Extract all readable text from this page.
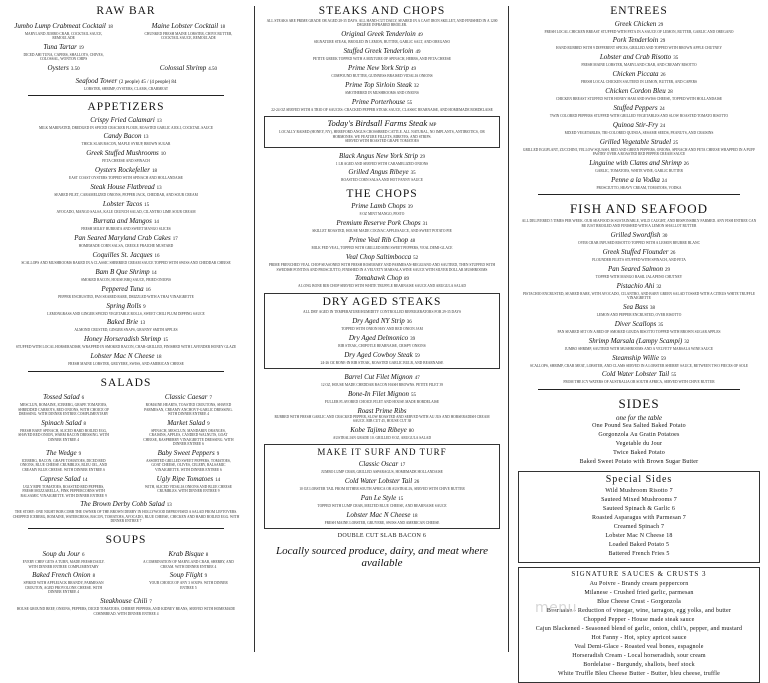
RAW BAR
Jumbo Lump Crabmeat Cocktail 18
MARYLAND JUMBO CRAB, COCKTAIL SAUCE, REMOULADE
Maine Lobster Cocktail 18
CHUNKED FRESH MAINE LOBSTER, CHIVE BUTTER, COCKTAIL SAUCE, REMOULADE
Tuna Tartar 19
DICED AHI TUNA, CAPERS, SHALLOTS, CHIVES, COLOSSAL, WONTON CHIPS
Oysters 3.50	Colossal Shrimp 4.50
Seafood Tower (2 people) 45 / (4 people) 84
LOBSTER, SHRIMP, OYSTERS, CLAMS, CRABMEAT
APPETIZERS
Crispy Fried Calamari 13
MILK MARINATED, DREDGED IN SPICED CRACKER FLOUR, ROASTED GARLIC AIOLI, COCKTAIL SAUCE
Candy Bacon 13
THICK SLAB BACON, MAPLE SYRUP, BROWN SUGAR
Greek Stuffed Mushrooms 10
FETA CHEESE AND SPINACH
Oysters Rockefeller 18
EAST COAST OYSTERS TOPPED WITH SPINACH AND HOLLANDAISE
Steak House Flatbread 13
SEARED FILET, CARAMELIZED ONIONS, PEPPER JACK, CHEDDAR, AND SOUR CREAM
Lobster Tacos 15
AVOCADO, MANGO SALSA, KALE CRUNCH SALAD, CILANTRO LIME SOUR CREAM
Burrata and Mangos 14
FRESH MILKY BURRATA AND SWEET MANGO SLICES
Pan Seared Maryland Crab Cakes 17
HOMEMADE CORN SALSA, CREOLE FRAICHE MUSTARD
Coquilles St. Jacques 16
SCALLOPS AND MUSHROOMS BAKED IN A CLASSIC SHERRIED CREAM SAUCE TOPPED WITH SWISS AND CHEDDAR CHEESE
Bam B Que Shrimp 14
SMOKED BACON, HOUSE BBQ SAUCE, FRIED ONIONS
Peppered Tuna 16
PEPPER ENCRUSTED, PAN SEARED RARE, DRIZZLED WITH A THAI VINAIGRETTE
Spring Rolls 9
LEMONGRASS AND GINGER SPICED VEGETABLE ROLLS, SWEET CHILI PLUM DIPPING SAUCE
Baked Brie 13
ALMOND CRUSTED, GINGER SNAPS, GRANNY SMITH APPLES
Honey Horseradish Shrimp 15
STUFFED WITH LOCAL HORSERADISH, WRAPPED IN SMOKED BACON, CHAR-GRILLED, FINISHED WITH LAVENDER HONEY GLAZE
Lobster Mac N Cheese 18
FRESH MAINE LOBSTER, GRUYERE, SWISS, AND AMERICAN CHEESE
SALADS
Tossed Salad 6
MESCLUN, ROMAINE, ICEBERG, GRAPE TOMATOES, SHREDDED CARROTS, RED ONIONS, WITH CHOICE OF DRESSING. WITH DINNER ENTREE COMPLIMENTARY
Classic Caesar 7
ROMAINE HEARTS, TOASTED CROUTONS, SHAVED PARMESAN, CREAMY ANCHOVY-GARLIC DRESSING. WITH DINNER ENTREE 4
Spinach Salad 8
FRESH BABY SPINACH, SLICED HARD BOILED EGG, SHAVED RED ONION, WARM BACON DRESSING. WITH DINNER ENTREE 4
Market Salad 9
SPINACH, MESCLUN, MANDARIN ORANGES, CRAISINS, APPLES, CANDIED WALNUTS, GOAT CHEESE, RASPBERRY VINAIGRETTE DRESSING. WITH DINNER ENTREE 6
The Wedge 9
ICEBERG, BACON, GRAPE TOMATOES, DICED RED ONIONS, BLUE CHEESE CRUMBLES, BLEU OIL, AND CREAMY BLUE CHEESE. WITH DINNER ENTREE 6
Baby Sweet Peppers 9
ASSORTED GRILLED SWEET PEPPERS, TOMATOES, GOAT CHEESE, OLIVES, CELERY, BALSAMIC VINAIGRETTE. WITH DINNER ENTREE 6
Caprese Salad 14
UGLY RIPE TOMATOES, ROASTED RED PEPPERS, FRESH MOZZARELLA, PINK PEPPERCORNS WITH BALSAMIC VINAIGRETTE. WITH DINNER ENTREE 9
Ugly Ripe Tomatoes 14
WITH, SLICED VIDALIA ONIONS AND BLUE CHEESE CRUMBLES. WITH DINNER ENTREE 9
The Brown Derby Cobb Salad 13
THE STORY: ONE NIGHT BOB COBB THE OWNER OF THE BROWN DERBY IN HOLLYWOOD IMPROVISED A SALAD FROM LEFTOVERS. CHOPPED ICEBERG, ROMAINE, WATERCRESS, BACON, TOMATOES, AVOCADO, BLUE CHEESE, CHICKEN AND HARD BOILED EGG. WITH DINNER ENTREE 7
SOUPS
Soup du Jour 6
EVERY CHEF GETS A TURN, MADE FRESH DAILY. WITH DINNER ENTREE COMPLIMENTARY
Krab Bisque 8
A COMBINATION OF MARYLAND CRAB, SHERRY, AND CREAM. WITH DINNER ENTREE 4
Baked French Onion 8
SPIKED WITH APPLEJACK BRANDY, PARMESAN CROUTON, AGED PROVOLONE CHEESE. WITH DINNER ENTREE 4
Soup Flight 9
YOUR CHOICE OF ANY 3 SOUPS. WITH DINNER ENTREE 5
Steakhouse Chili 7
HOUSE GROUND BEEF, ONIONS, PEPPERS, DICED TOMATOES, CHERRY PEPPERS, AND KIDNEY BEANS, SERVED WITH HOMEMADE CORNBREAD. WITH DINNER ENTREE 4
STEAKS AND CHOPS
ALL STEAKS ARE PRIME GRADE OR AGED 28-35 DAYS. ALL HAND-CUT DAILY, SEARED IN A CAST IRON SKILLET, AND FINISHED IN A 1200 DEGREE INFRARED BROILER.
Original Greek Tenderloin 49
SIGNATURE STEAK, BROILED IN LEMON, BUTTER, GARLIC SALT, AND OREGANO
Stuffed Greek Tenderloin 49
PETITE GREEK TOPPED WITH A MIXTURE OF SPINACH, HERBS, AND FETA CHEESE
Prime New York Strip 49
COMPOUND BUTTER, GUINNESS BRAISED VIDALIA ONIONS
Prime Top Sirloin Steak 32
SMOTHERED IN MUSHROOMS AND ONIONS
Prime Porterhouse 55
22-24 OZ SERVED WITH A TRIO OF SAUCES: CRACKED PEPPER STEAK SAUCE, CLASSIC BEARNAISE, AND HOMEMADE BORDELAISE
Today's Birdsall Farms Steak MP
LOCALLY RAISED (HONEY, NY), HEREFORD ANGUS CROSSBRED CATTLE. ALL NATURAL, NO IMPLANTS, ANTIBIOTICS, OR HORMONES. WE FEATURE FILLETS, RIBEYES, AND STRIPS.
SERVED WITH ROASTED GRAPE TOMATOES
Black Angus New York Strip 29
1 LB AGED AND SERVED WITH CARAMELIZED ONIONS
Grilled Angus Ribeye 35
ROASTED CORN SALSA AND HOT FANNY SAUCE
THE CHOPS
Prime Lamb Chops 39
8 OZ MINT MANGO, PESTO
Premium Reserve Pork Chops 31
SKILLET ROASTED, HOUSE MADE COGNAC APPLESAUCE, AND SWEET POTATO PIE
Prime Veal Rib Chop 48
MILK FED VEAL, TOPPED WITH GRILLED MINI SWEET PEPPERS, VEAL DEMI-GLACE
Veal Chop Saltimbocca 52
PRIME FRENCHED VEAL CHOP SEASONED WITH FRESH ROSEMARY AND PARMESAN-REGGIANO AND SAUTEED, THEN STUFFED WITH SWEDISH FONTINA AND PROSCIUTTO, FINISHED IN A VELVETY MARSALA WINE SAUCE WITH SILVER DOLLAR MUSHROOMS
Tomahawk Chop 89
A LONG BONE RIB CHOP SERVED WITH WHITE TRUFFLE BEARNAISE SAUCE AND ARUGULA SALAD
DRY AGED STEAKS
ALL DRY AGED IN TEMPERATURE/HUMIDITY CONTROLLED REFRIGERATORS FOR 29-35 DAYS
Dry Aged NY Strip 36
TOPPED WITH ONION HAY AND RED ONION JAM
Dry Aged Delmonico 39
RIB STEAK, CHIPOTLE BEARNAISE, CRISPY ONIONS
Dry Aged Cowboy Steak 59
24-26 OZ BONE-IN RIB STEAK, ROASTED GARLIC BULB, AND BEARNAISE
Barrel Cut Filet Mignon 47
12 OZ, HOUSE MADE CHEDDAR BACON HASH BROWNS. PETITE FILET 39
Bone-In Filet Mignon 55
FULLER FLAVORED CHOICE FILET AND HOUSE MADE BORDELAISE
Roast Prime Ribs
RUBBED WITH FRESH GARLIC AND CRACKED PEPPER, SLOW ROASTED AND SERVED WITH AU JUS AND HORSERADISH CREAM SAUCE. RIB CUT 45, HOUSE CUT 38
Kobe Tajima Ribeye 80
AUSTRALIAN GRADE 10. GRILLED 8 OZ, ARUGULA SALAD
MAKE IT SURF AND TURF
Classic Oscar 17
JUMBO LUMP CRAB, GRILLED ASPARAGUS, HOMEMADE HOLLANDAISE
Cold Water Lobster Tail 26
10 OZ LOBSTER TAIL FROM EITHER SOUTH AFRICA OR AUSTRALIA, SERVED WITH CHIVE BUTTER
Pan Le Style 15
TOPPED WITH LUMP CRAB, MELTED BLUE CHEESE, AND BEARNAISE SAUCE
Lobster Mac N Cheese 18
FRESH MAINE LOBSTER, GRUYERE, SWISS AND AMERICAN CHEESE
DOUBLE CUT SLAB BACON 6
Locally sourced produce, dairy, and meat where available
ENTREES
Greek Chicken 29
FRESH LOCAL CHICKEN BREAST STUFFED WITH FETA IN A SAUCE OF LEMON, BUTTER, GARLIC AND OREGANO
Pork Tenderloin 29
HAND RUBBED WITH 9 DIFFERENT SPICES, GRILLED AND TOPPED WITH BROWN APPLE CHUTNEY
Lobster and Crab Risotto 35
FRESH MAINE LOBSTER, MARYLAND CRAB, AND CREAMY RISOTTO
Chicken Piccata 26
FRESH LOCAL CHICKEN SAUTEED IN LEMON, BUTTER, AND CAPERS
Chicken Cordon Bleu 28
CHICKEN BREAST STUFFED WITH HONEY HAM AND SWISS CHEESE, TOPPED WITH HOLLANDAISE
Stuffed Peppers 24
TWIN COLORED PEPPERS STUFFED WITH GRILLED VEGETABLES AND SLOW ROASTED TOMATO RISOTTO
Quinoa Stir-Fry 24
MIXED VEGETABLES, TRI-COLORED QUINOA, SESAME SEEDS, PEANUTS, AND CRAISINS
Grilled Vegetable Strudel 25
GRILLED EGGPLANT, ZUCCHINI, YELLOW SQUASH, RED AND GREEN PEPPERS, ONIONS, SPINACH AND FETA CHEESE WRAPPED IN A PUFF PASTRY OVER A ROASTED RED PEPPER CREAM SAUCE
Linguine with Clams and Shrimp 26
GARLIC, TOMATOES, WHITE WINE, GARLIC BUTTER
Penne a la Vodka 24
PROSCIUTTO, HEAVY CREAM, TOMATOES, VODKA
FISH AND SEAFOOD
ALL DELIVERED 5 TIMES PER WEEK. OUR SEAFOOD IS SUSTAINABLE, WILD CAUGHT, AND RESPONSIBLY FARMED. ANY FISH ENTREE CAN BE JUST BROILED AND FINISHED WITH A LEMON SHALLOT BUTTER
Grilled Swordfish 30
OVER CRAB INFUSED RISOTTO TOPPED WITH A LEMON BEURRE BLANC
Greek Stuffed Flounder 26
FLOUNDER FILETS STUFFED WITH SPINACH, AND FETA
Pan Seared Salmon 29
TOPPED WITH MANGO BASIL JALAPENO CHUTNEY
Pistachio Ahi 32
PISTACHIO ENCRUSTED, SEARED RARE, WITH AVOCADO, CILANTRO, AND BABY GREEN SALAD TOSSED WITH A CITRUS WHITE TRUFFLE VINAIGRETTE
Sea Bass 38
LEMON AND PEPPER ENCRUSTED, OVER RISOTTO
Diver Scallops 35
PAN SEARED SET ON A BED OF SMOKED GOUDA RISOTTO TOPPED WITH BROWN SUGAR APPLES
Shrimp Marsala (Lampy Scampi) 32
JUMBO SHRIMP, SAUTEED WITH MUSHROOMS AND A VELVETY MARSALA WINE SAUCE
Steamship Willie 59
SCALLOPS, SHRIMP, CRAB MEAT, LOBSTER, AND CLAMS SERVED IN A LOBSTER SHERRY SAUCE, BETWEEN TWO PIECES OF SOLE
Cold Water Lobster Tail 55
FROM THE ICY WATERS OF AUSTRALIA OR SOUTH AFRICA, SERVED WITH CHIVE BUTTER
SIDES
one for the table
One Pound Sea Salted Baked Potato
Gorgonzola Au Gratin Potatoes
Vegetable du Jour
Twice Baked Potato
Baked Sweet Potato with Brown Sugar Butter
Special Sides
Wild Mushroom Risotto 7
Sauteed Mixed Mushrooms 7
Sauteed Spinach & Garlic 6
Roasted Asparagus with Parmesan 7
Creamed Spinach 7
Lobster Mac N Cheese 18
Loaded Baked Potato 5
Battered French Fries 5
SIGNATURE SAUCES & CRUSTS 3
Au Poivre - Brandy cream peppercorn
Milanese - Crushed fried garlic, parmesan
Blue Cheese Crust - Gorgonzola
Bearnaise - Reduction of vinegar, wine, tarragon, egg yolks, and butter
Chopped Pepper - House made steak sauce
Cajun Blackened - Seasoned blend of garlic, onion, chili's, pepper, and mustard
Hot Fanny - Hot, spicy apricot sauce
Veal Demi-Glace - Roasted veal bones, espagnole
Horseradish Cream - Local horseradish, sour cream
Bordelaise - Burgundy, shallots, beef stock
White Truffle Bleu Cheese Butter - Butter, bleu cheese, truffle
menu
